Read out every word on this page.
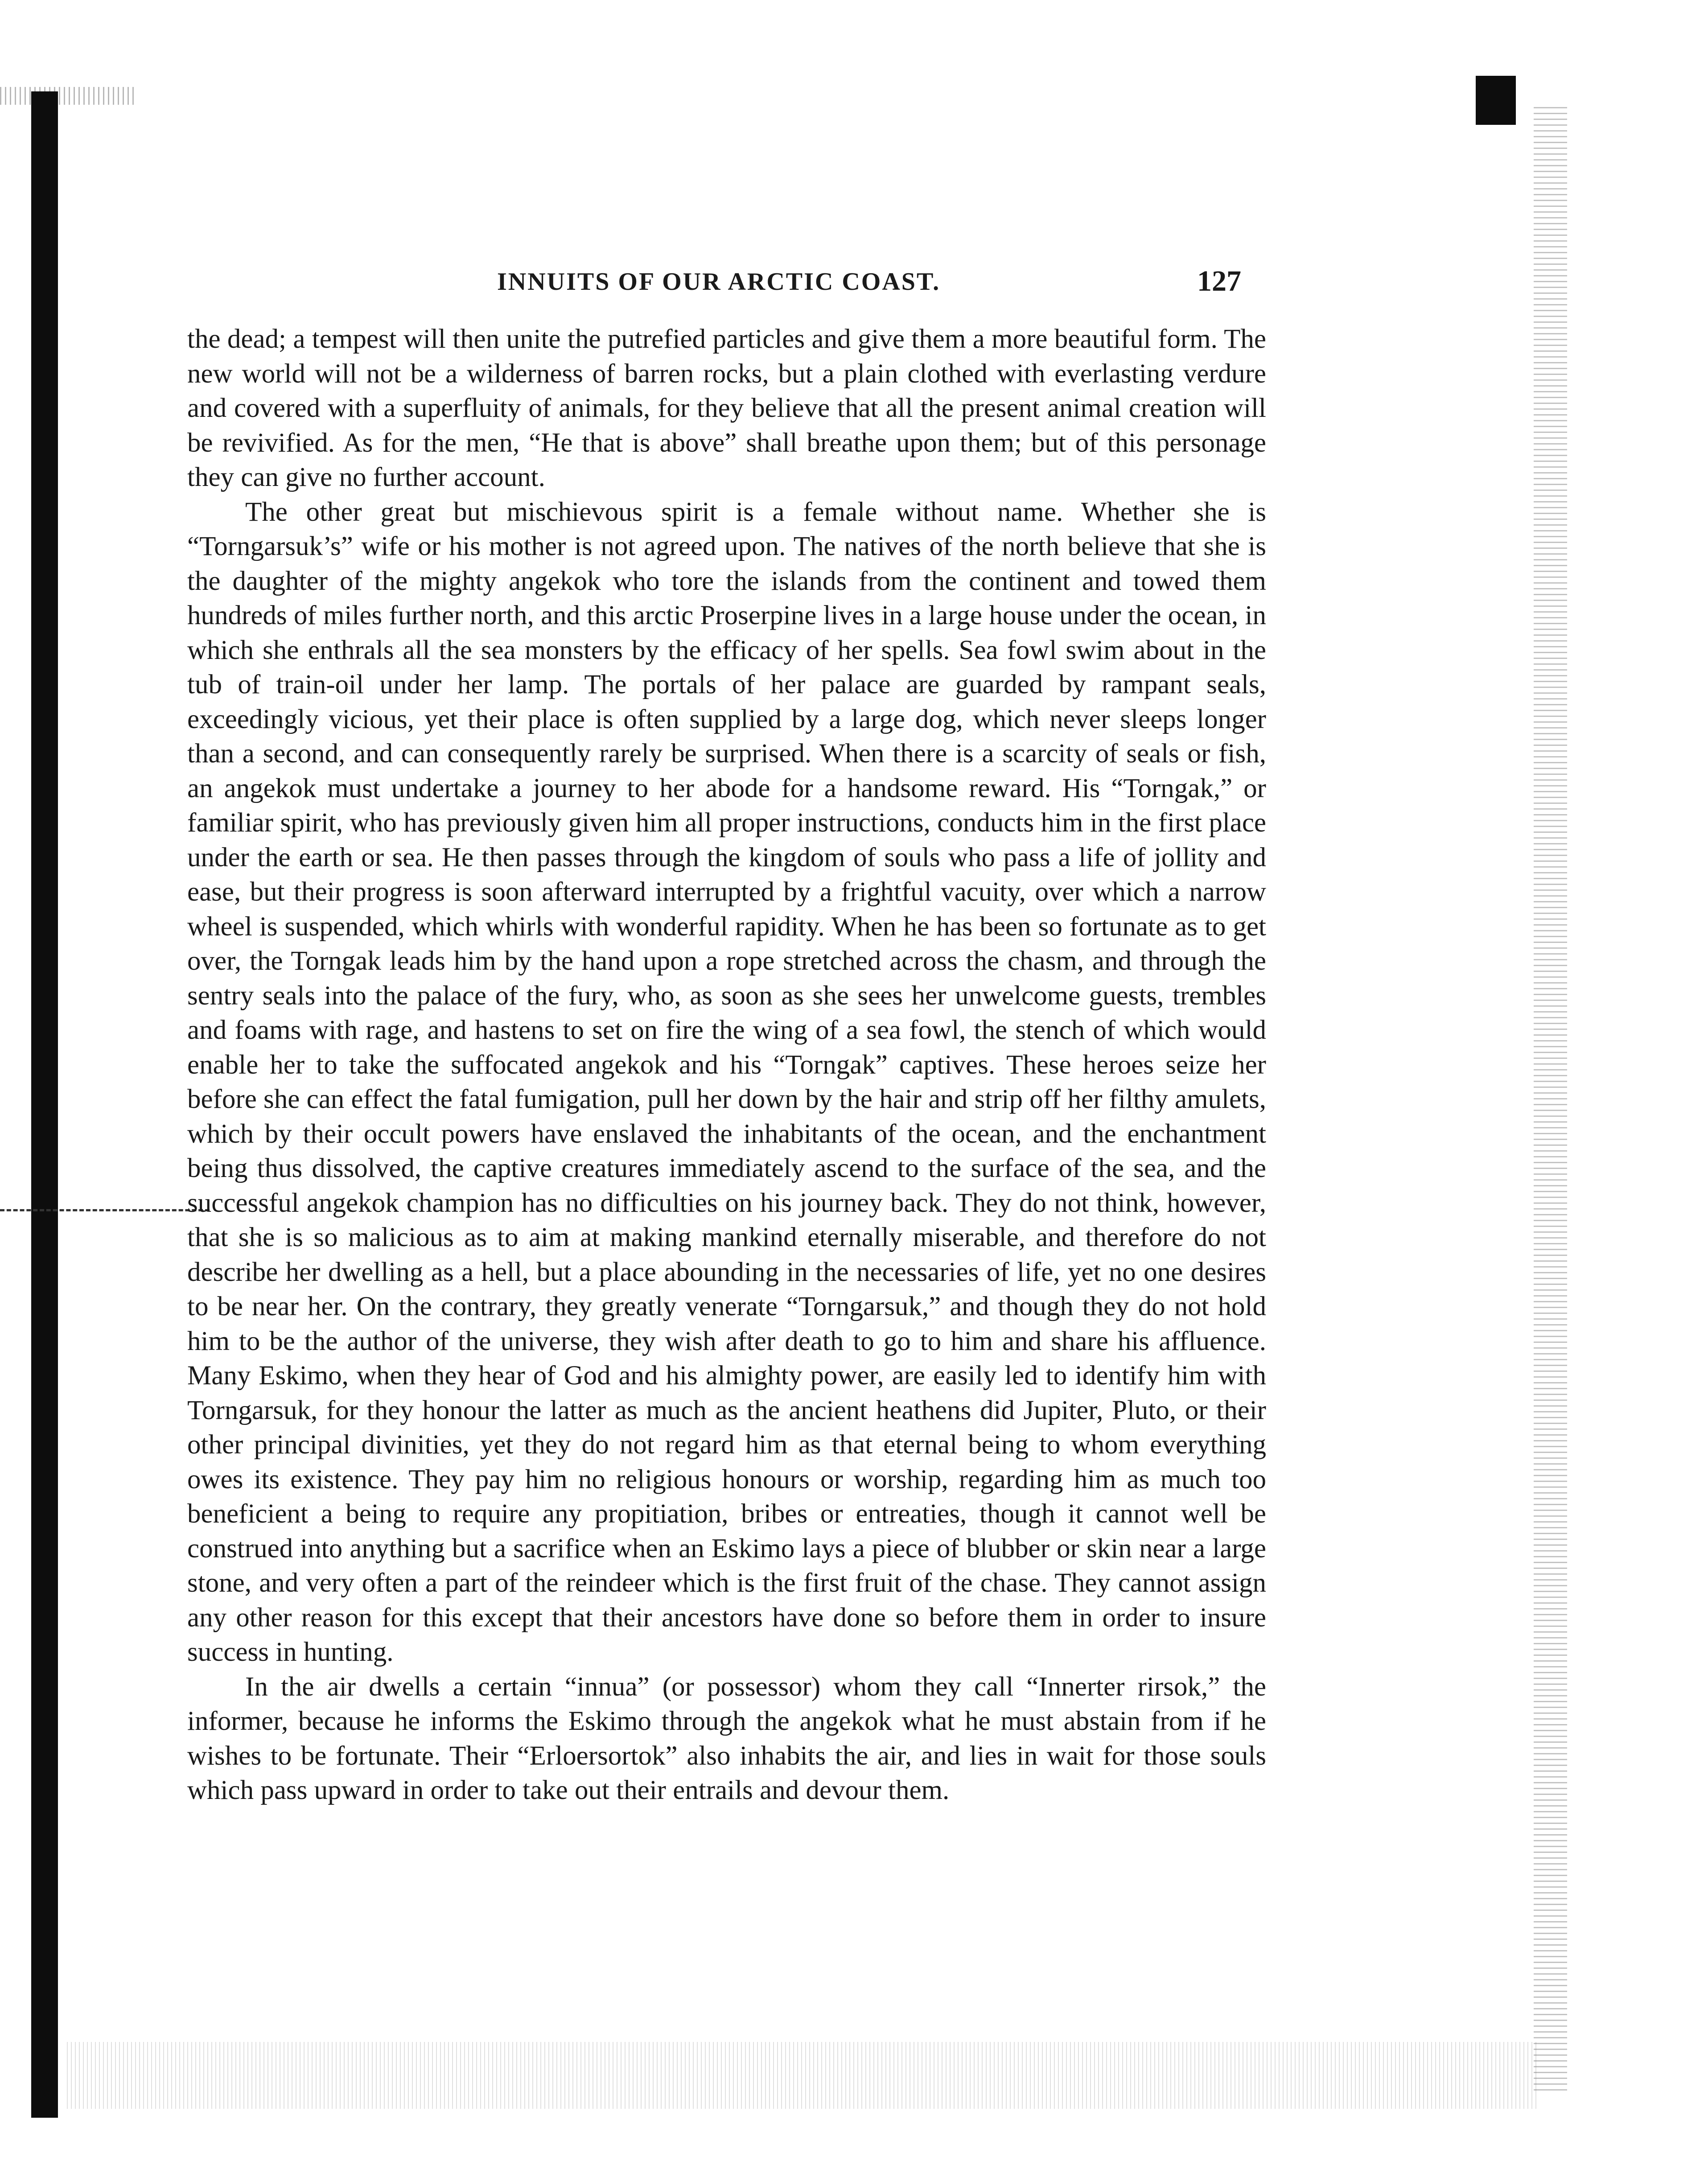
INNUITS OF OUR ARCTIC COAST.	127

the dead; a tempest will then unite the putrefied particles and give them a more beautiful form. The new world will not be a wilderness of barren rocks, but a plain clothed with everlasting verdure and covered with a superfluity of animals, for they believe that all the present animal creation will be revivified. As for the men, “He that is above” shall breathe upon them; but of this personage they can give no further account.

The other great but mischievous spirit is a female without name. Whether she is “Torngarsuk’s” wife or his mother is not agreed upon. The natives of the north believe that she is the daughter of the mighty angekok who tore the islands from the continent and towed them hundreds of miles further north, and this arctic Proserpine lives in a large house under the ocean, in which she enthrals all the sea monsters by the efficacy of her spells. Sea fowl swim about in the tub of train-oil under her lamp. The portals of her palace are guarded by rampant seals, exceedingly vicious, yet their place is often supplied by a large dog, which never sleeps longer than a second, and can consequently rarely be surprised. When there is a scarcity of seals or fish, an angekok must undertake a journey to her abode for a handsome reward. His “Torngak,” or familiar spirit, who has previously given him all proper instructions, conducts him in the first place under the earth or sea. He then passes through the kingdom of souls who pass a life of jollity and ease, but their progress is soon afterward interrupted by a frightful vacuity, over which a narrow wheel is suspended, which whirls with wonderful rapidity. When he has been so fortunate as to get over, the Torngak leads him by the hand upon a rope stretched across the chasm, and through the sentry seals into the palace of the fury, who, as soon as she sees her unwelcome guests, trembles and foams with rage, and hastens to set on fire the wing of a sea fowl, the stench of which would enable her to take the suffocated angekok and his “Torngak” captives. These heroes seize her before she can effect the fatal fumigation, pull her down by the hair and strip off her filthy amulets, which by their occult powers have enslaved the inhabitants of the ocean, and the enchantment being thus dissolved, the captive creatures immediately ascend to the surface of the sea, and the successful angekok champion has no difficulties on his journey back. They do not think, however, that she is so malicious as to aim at making mankind eternally miserable, and therefore do not describe her dwelling as a hell, but a place abounding in the necessaries of life, yet no one desires to be near her. On the contrary, they greatly venerate “Torngarsuk,” and though they do not hold him to be the author of the universe, they wish after death to go to him and share his affluence. Many Eskimo, when they hear of God and his almighty power, are easily led to identify him with Torngarsuk, for they honour the latter as much as the ancient heathens did Jupiter, Pluto, or their other principal divinities, yet they do not regard him as that eternal being to whom everything owes its existence. They pay him no religious honours or worship, regarding him as much too beneficient a being to require any propitiation, bribes or entreaties, though it cannot well be construed into anything but a sacrifice when an Eskimo lays a piece of blubber or skin near a large stone, and very often a part of the reindeer which is the first fruit of the chase. They cannot assign any other reason for this except that their ancestors have done so before them in order to insure success in hunting.

In the air dwells a certain “innua” (or possessor) whom they call “Innerter rirsok,” the informer, because he informs the Eskimo through the angekok what he must abstain from if he wishes to be fortunate. Their “Erloersortok” also inhabits the air, and lies in wait for those souls which pass upward in order to take out their entrails and devour them.
